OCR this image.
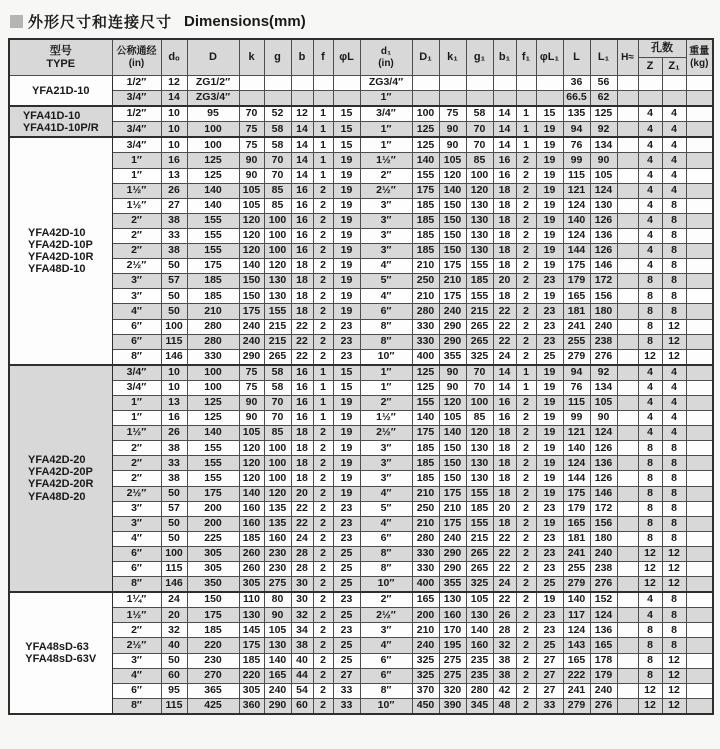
外形尺寸和连接尺寸 Dimensions(mm)
型号
TYPE	公称通经
(in)	dₒ	D	k	g	b	f	φL	d₁
(in)	D₁	k₁	g₁	b₁	f₁	φL₁	L	L₁	H≈	孔数		重量
(kg)

																			Z	Z₁	

YFA21D-10	1/2″	12	ZG1/2″						ZG3/4″							36	56				
	3/4″	14	ZG3/4″						1″							66.5	62				

YFA41D-10
YFA41D-10P/R	1/2″	10	95	70	52	12	1	15	3/4″	100	75	58	14	1	15	135	125		4	4	
	3/4″	10	100	75	58	14	1	15	1″	125	90	70	14	1	19	94	92		4	4	

YFA42D-10
YFA42D-10P
YFA42D-10R
YFA48D-10	3/4″	10	100	75	58	14	1	15	1″	125	90	70	14	1	19	76	134		4	4	
	1″	16	125	90	70	14	1	19	1½″	140	105	85	16	2	19	99	90		4	4	
	1″	13	125	90	70	14	1	19	2″	155	120	100	16	2	19	115	105		4	4	
	1½″	26	140	105	85	16	2	19	2½″	175	140	120	18	2	19	121	124		4	4	
	1½″	27	140	105	85	16	2	19	3″	185	150	130	18	2	19	124	130		4	8	
	2″	38	155	120	100	16	2	19	3″	185	150	130	18	2	19	140	126		4	8	
	2″	33	155	120	100	16	2	19	3″	185	150	130	18	2	19	124	136		4	8	
	2″	38	155	120	100	16	2	19	3″	185	150	130	18	2	19	144	126		4	8	
	2½″	50	175	140	120	18	2	19	4″	210	175	155	18	2	19	175	146		4	8	
	3″	57	185	150	130	18	2	19	5″	250	210	185	20	2	23	179	172		8	8	
	3″	50	185	150	130	18	2	19	4″	210	175	155	18	2	19	165	156		8	8	
	4″	50	210	175	155	18	2	19	6″	280	240	215	22	2	23	181	180		8	8	
	6″	100	280	240	215	22	2	23	8″	330	290	265	22	2	23	241	240		8	12	
	6″	115	280	240	215	22	2	23	8″	330	290	265	22	2	23	255	238		8	12	
	8″	146	330	290	265	22	2	23	10″	400	355	325	24	2	25	279	276		12	12	

YFA42D-20
YFA42D-20P
YFA42D-20R
YFA48D-20	3/4″	10	100	75	58	16	1	15	1″	125	90	70	14	1	19	94	92		4	4	
	3/4″	10	100	75	58	16	1	15	1″	125	90	70	14	1	19	76	134		4	4	
	1″	13	125	90	70	16	1	19	2″	155	120	100	16	2	19	115	105		4	4	
	1″	16	125	90	70	16	1	19	1½″	140	105	85	16	2	19	99	90		4	4	
	1½″	26	140	105	85	18	2	19	2½″	175	140	120	18	2	19	121	124		4	4	
	2″	38	155	120	100	18	2	19	3″	185	150	130	18	2	19	140	126		8	8	
	2″	33	155	120	100	18	2	19	3″	185	150	130	18	2	19	124	136		8	8	
	2″	38	155	120	100	18	2	19	3″	185	150	130	18	2	19	144	126		8	8	
	2½″	50	175	140	120	20	2	19	4″	210	175	155	18	2	19	175	146		8	8	
	3″	57	200	160	135	22	2	23	5″	250	210	185	20	2	23	179	172		8	8	
	3″	50	200	160	135	22	2	23	4″	210	175	155	18	2	19	165	156		8	8	
	4″	50	225	185	160	24	2	23	6″	280	240	215	22	2	23	181	180		8	8	
	6″	100	305	260	230	28	2	25	8″	330	290	265	22	2	23	241	240		12	12	
	6″	115	305	260	230	28	2	25	8″	330	290	265	22	2	23	255	238		12	12	
	8″	146	350	305	275	30	2	25	10″	400	355	325	24	2	25	279	276		12	12	

YFA48sD-63
YFA48sD-63V	1¼″	24	150	110	80	30	2	23	2″	165	130	105	22	2	19	140	152		4	8	
	1½″	20	175	130	90	32	2	25	2½″	200	160	130	26	2	23	117	124		4	8	
	2″	32	185	145	105	34	2	23	3″	210	170	140	28	2	23	124	136		8	8	
	2½″	40	220	175	130	38	2	25	4″	240	195	160	32	2	25	143	165		8	8	
	3″	50	230	185	140	40	2	25	6″	325	275	235	38	2	27	165	178		8	12	
	4″	60	270	220	165	44	2	27	6″	325	275	235	38	2	27	222	179		8	12	
	6″	95	365	305	240	54	2	33	8″	370	320	280	42	2	27	241	240		12	12	
	8″	115	425	360	290	60	2	33	10″	450	390	345	48	2	33	279	276		12	12	
